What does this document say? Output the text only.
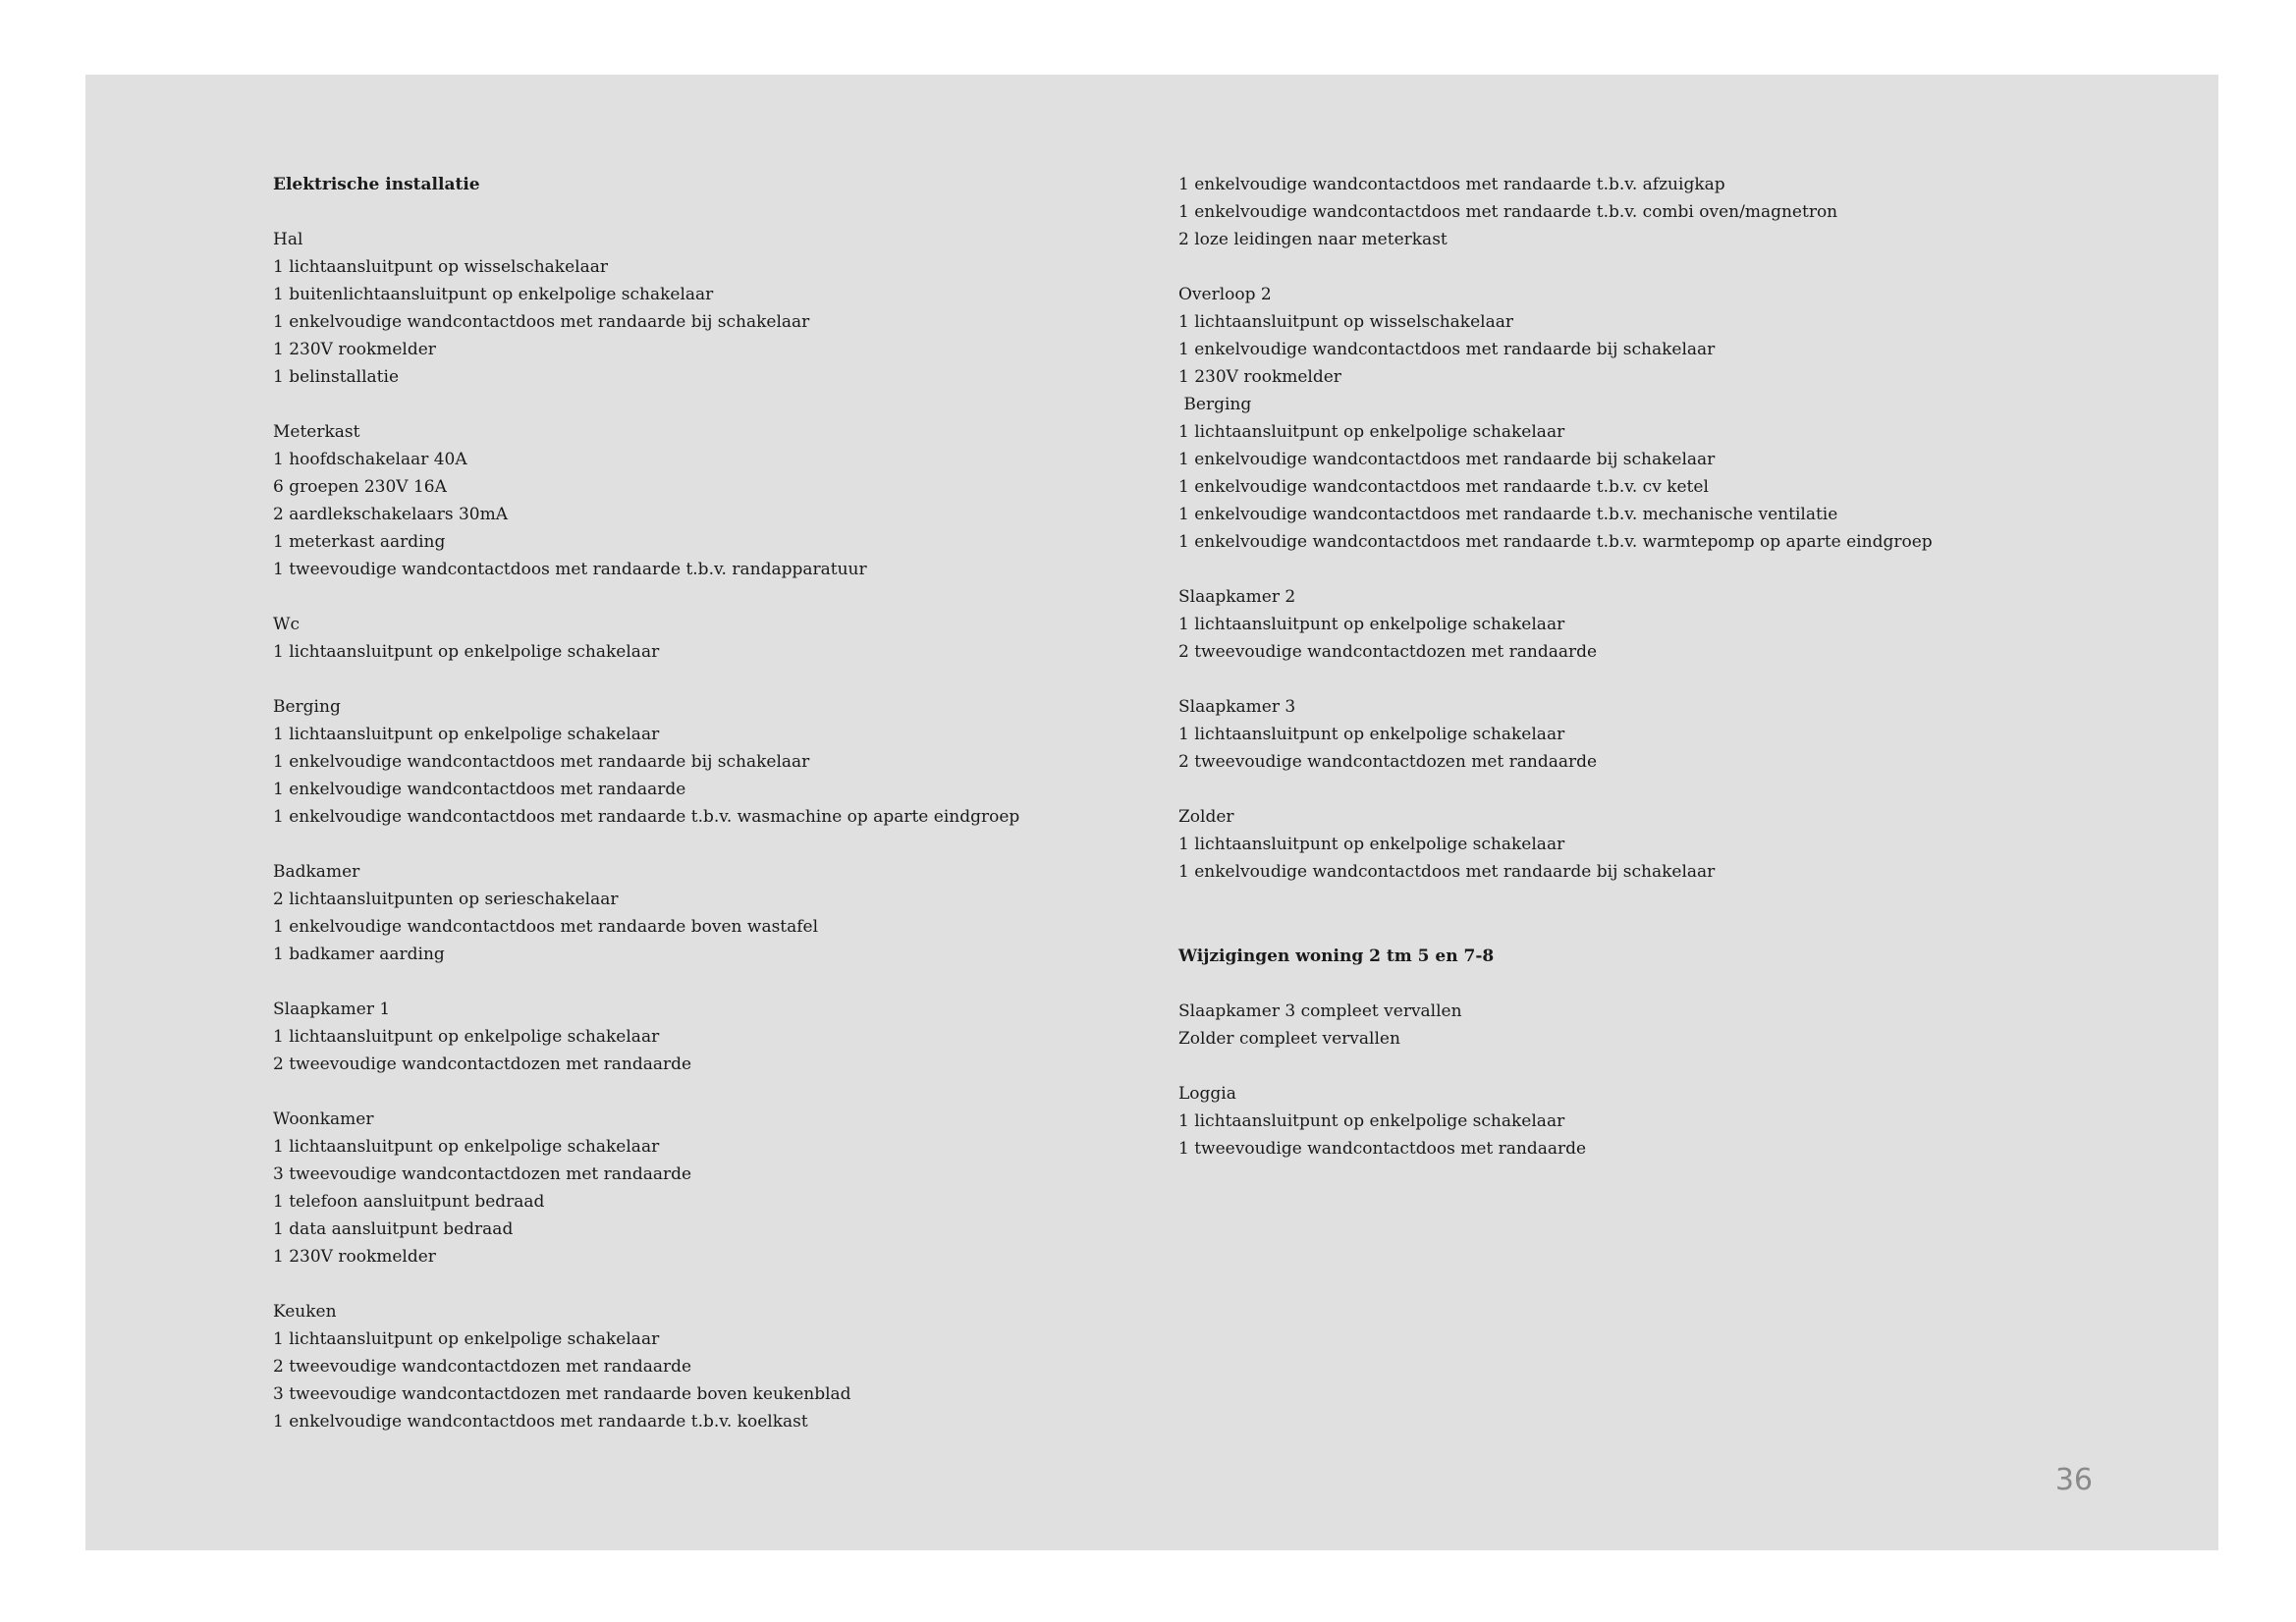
Elektrische installatie
Hal
1 lichtaansluitpunt op wisselschakelaar
1 buitenlichtaansluitpunt op enkelpolige schakelaar
1 enkelvoudige wandcontactdoos met randaarde bij schakelaar
1 230V rookmelder
1 belinstallatie
Meterkast
1 hoofdschakelaar 40A
6 groepen 230V 16A
2 aardlekschakelaars 30mA
1 meterkast aarding
1 tweevoudige wandcontactdoos met randaarde t.b.v. randapparatuur
Wc
1 lichtaansluitpunt op enkelpolige schakelaar
Berging
1 lichtaansluitpunt op enkelpolige schakelaar
1 enkelvoudige wandcontactdoos met randaarde bij schakelaar
1 enkelvoudige wandcontactdoos met randaarde
1 enkelvoudige wandcontactdoos met randaarde t.b.v. wasmachine op aparte eindgroep
Badkamer
2 lichtaansluitpunten op serieschakelaar
1 enkelvoudige wandcontactdoos met randaarde boven wastafel
1 badkamer aarding
Slaapkamer 1
1 lichtaansluitpunt op enkelpolige schakelaar
2 tweevoudige wandcontactdozen met randaarde
Woonkamer
1 lichtaansluitpunt op enkelpolige schakelaar
3 tweevoudige wandcontactdozen met randaarde
1 telefoon aansluitpunt bedraad
1 data aansluitpunt bedraad
1 230V rookmelder
Keuken
1 lichtaansluitpunt op enkelpolige schakelaar
2 tweevoudige wandcontactdozen met randaarde
3 tweevoudige wandcontactdozen met randaarde boven keukenblad
1 enkelvoudige wandcontactdoos met randaarde t.b.v. koelkast
1 enkelvoudige wandcontactdoos met randaarde t.b.v. afzuigkap
1 enkelvoudige wandcontactdoos met randaarde t.b.v. combi oven/magnetron
2 loze leidingen naar meterkast
Overloop 2
1 lichtaansluitpunt op wisselschakelaar
1 enkelvoudige wandcontactdoos met randaarde bij schakelaar
1 230V rookmelder
Berging
1 lichtaansluitpunt op enkelpolige schakelaar
1 enkelvoudige wandcontactdoos met randaarde bij schakelaar
1 enkelvoudige wandcontactdoos met randaarde t.b.v. cv ketel
1 enkelvoudige wandcontactdoos met randaarde t.b.v. mechanische ventilatie
1 enkelvoudige wandcontactdoos met randaarde t.b.v. warmtepomp op aparte eindgroep
Slaapkamer 2
1 lichtaansluitpunt op enkelpolige schakelaar
2 tweevoudige wandcontactdozen met randaarde
Slaapkamer 3
1 lichtaansluitpunt op enkelpolige schakelaar
2 tweevoudige wandcontactdozen met randaarde
Zolder
1 lichtaansluitpunt op enkelpolige schakelaar
1 enkelvoudige wandcontactdoos met randaarde bij schakelaar
Wijzigingen woning 2 tm 5 en 7-8
Slaapkamer 3 compleet vervallen
Zolder compleet vervallen
Loggia
1 lichtaansluitpunt op enkelpolige schakelaar
1 tweevoudige wandcontactdoos met randaarde
36
